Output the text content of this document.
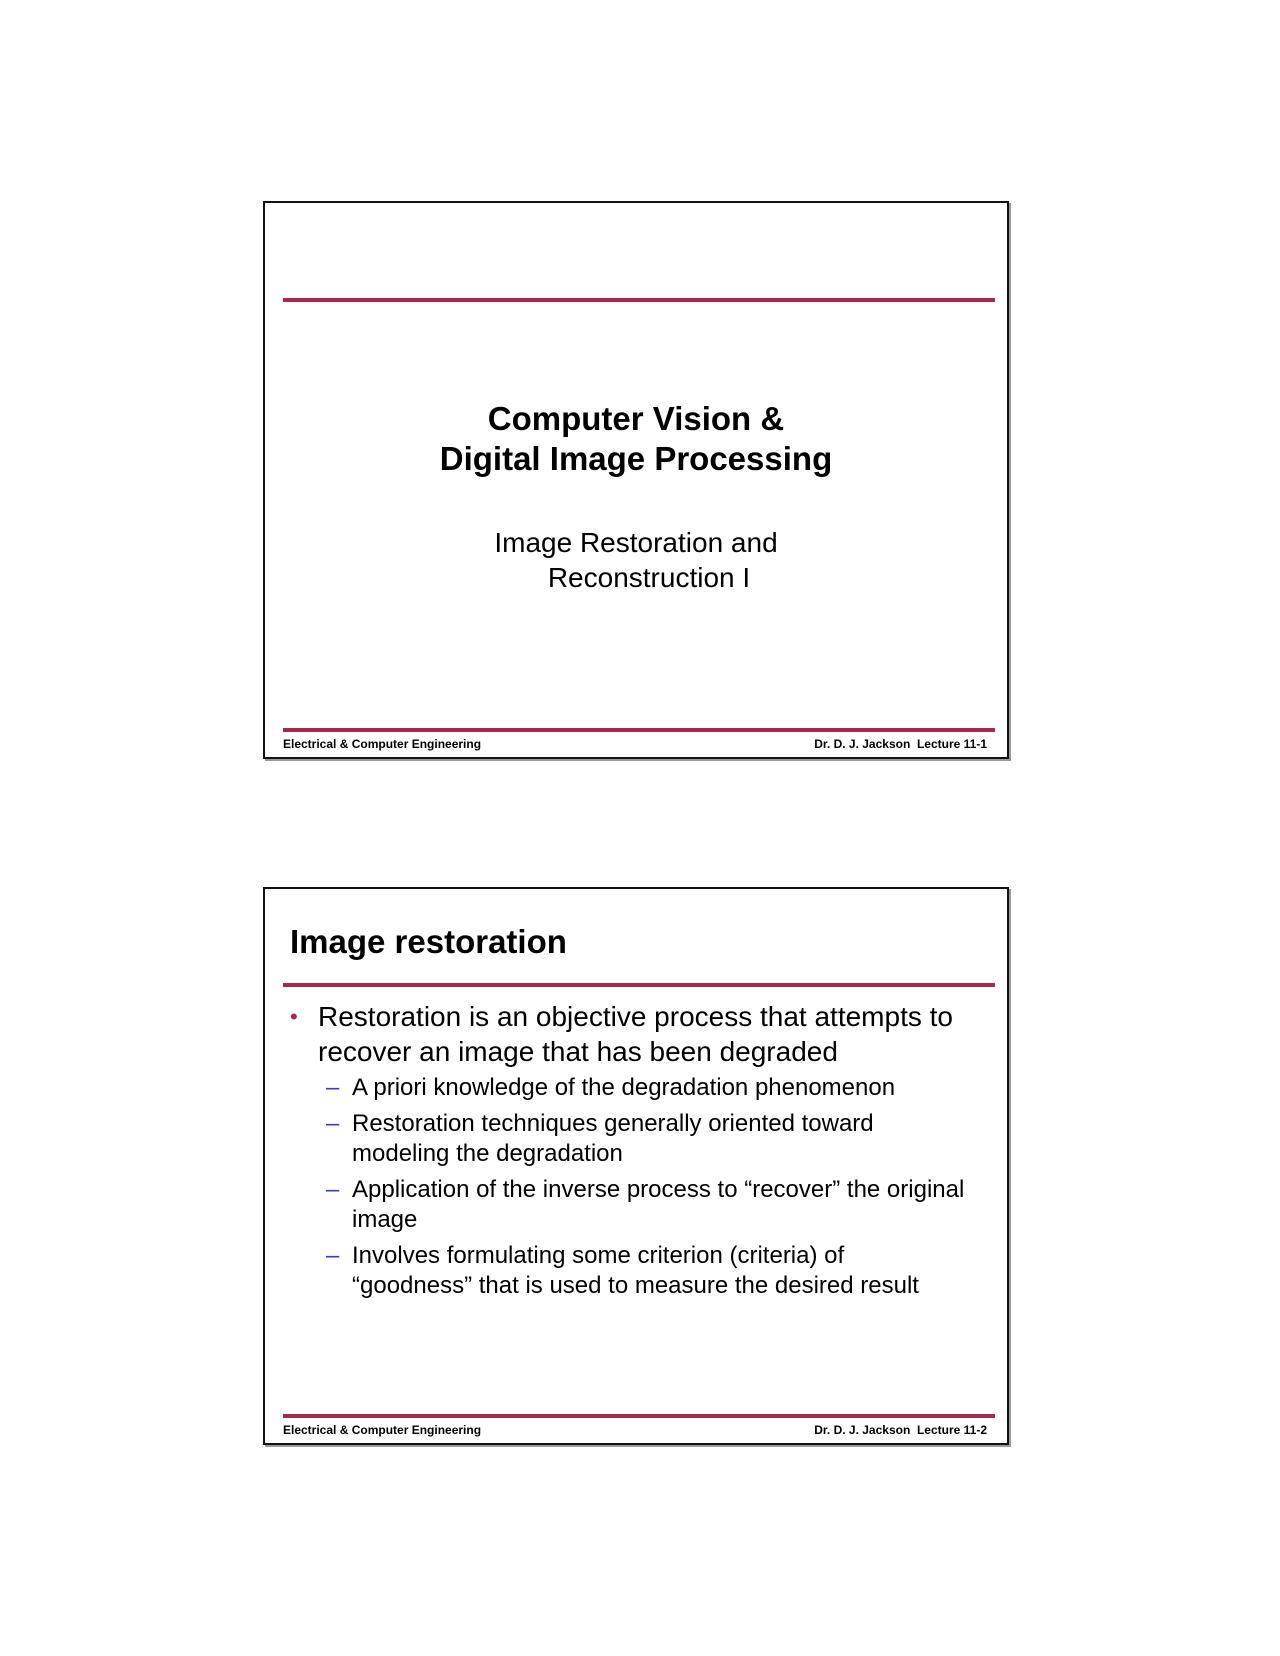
Computer Vision &
Digital Image Processing
Image Restoration and
Reconstruction I
Electrical & Computer Engineering	Dr. D. J. Jackson  Lecture 11-1
Image restoration
• Restoration is an objective process that attempts to recover an image that has been degraded
– A priori knowledge of the degradation phenomenon
– Restoration techniques generally oriented toward modeling the degradation
– Application of the inverse process to “recover” the original image
– Involves formulating some criterion (criteria) of “goodness” that is used to measure the desired result
Electrical & Computer Engineering	Dr. D. J. Jackson  Lecture 11-2
